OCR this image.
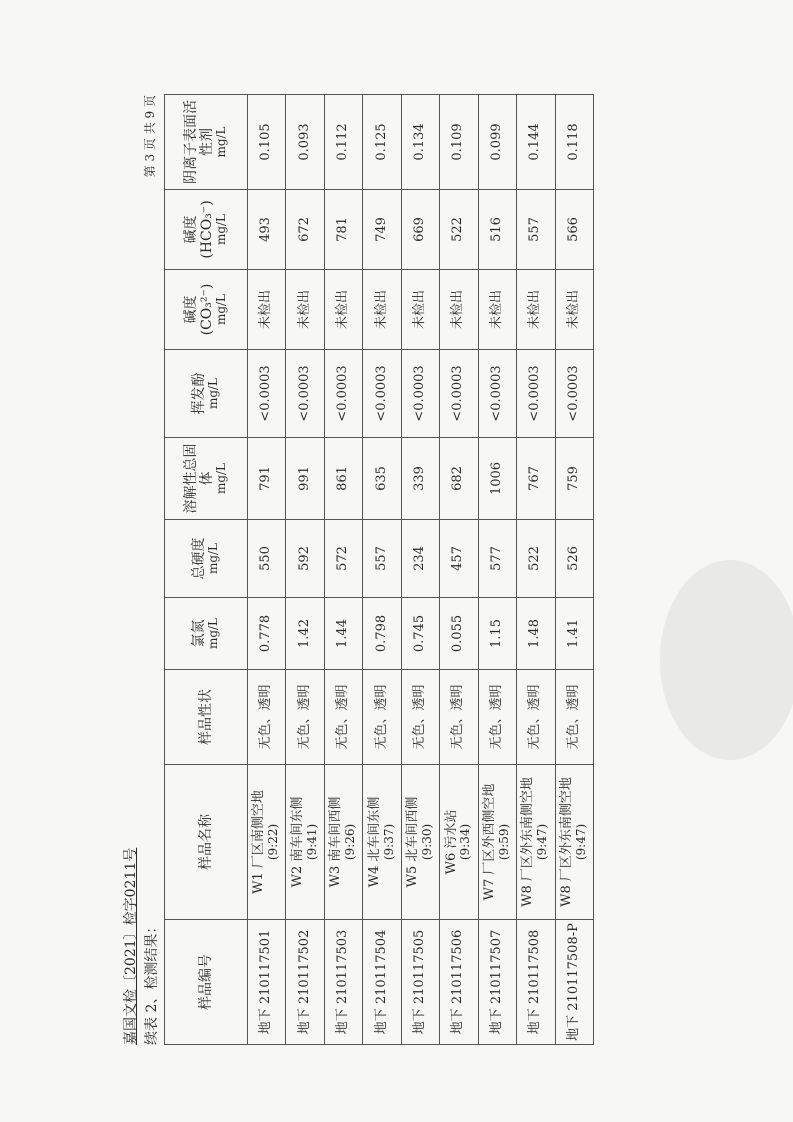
嘉国文检〔2021〕检字0211号 续表 2、检测结果：
第 3 页 共 9 页
样品编号	样品名称	样品性状	氯氮 mg/L	总硬度 mg/L	溶解性总固体 mg/L	挥发酚 mg/L	碱度(CO₃²⁻) mg/L	碱度(HCO₃⁻) mg/L	阴离子表面活性剂 mg/L

地下 210117501	W1 厂区南侧空地 (9:22)	无色、透明	0.778	550	791	<0.0003	未检出	493	0.105
地下 210117502	W2 南车间东侧 (9:41)	无色、透明	1.42	592	991	<0.0003	未检出	672	0.093
地下 210117503	W3 南车间西侧 (9:26)	无色、透明	1.44	572	861	<0.0003	未检出	781	0.112
地下 210117504	W4 北车间东侧 (9:37)	无色、透明	0.798	557	635	<0.0003	未检出	749	0.125
地下 210117505	W5 北车间西侧 (9:30)	无色、透明	0.745	234	339	<0.0003	未检出	669	0.134
地下 210117506	W6 污水站 (9:34)	无色、透明	0.055	457	682	<0.0003	未检出	522	0.109
地下 210117507	W7 厂区外西侧空地 (9:59)	无色、透明	1.15	577	1006	<0.0003	未检出	516	0.099
地下 210117508	W8 厂区外东南侧空地 (9:47)	无色、透明	1.48	522	767	<0.0003	未检出	557	0.144
地下 210117508-P	W8 厂区外东南侧空地 (9:47)	无色、透明	1.41	526	759	<0.0003	未检出	566	0.118
